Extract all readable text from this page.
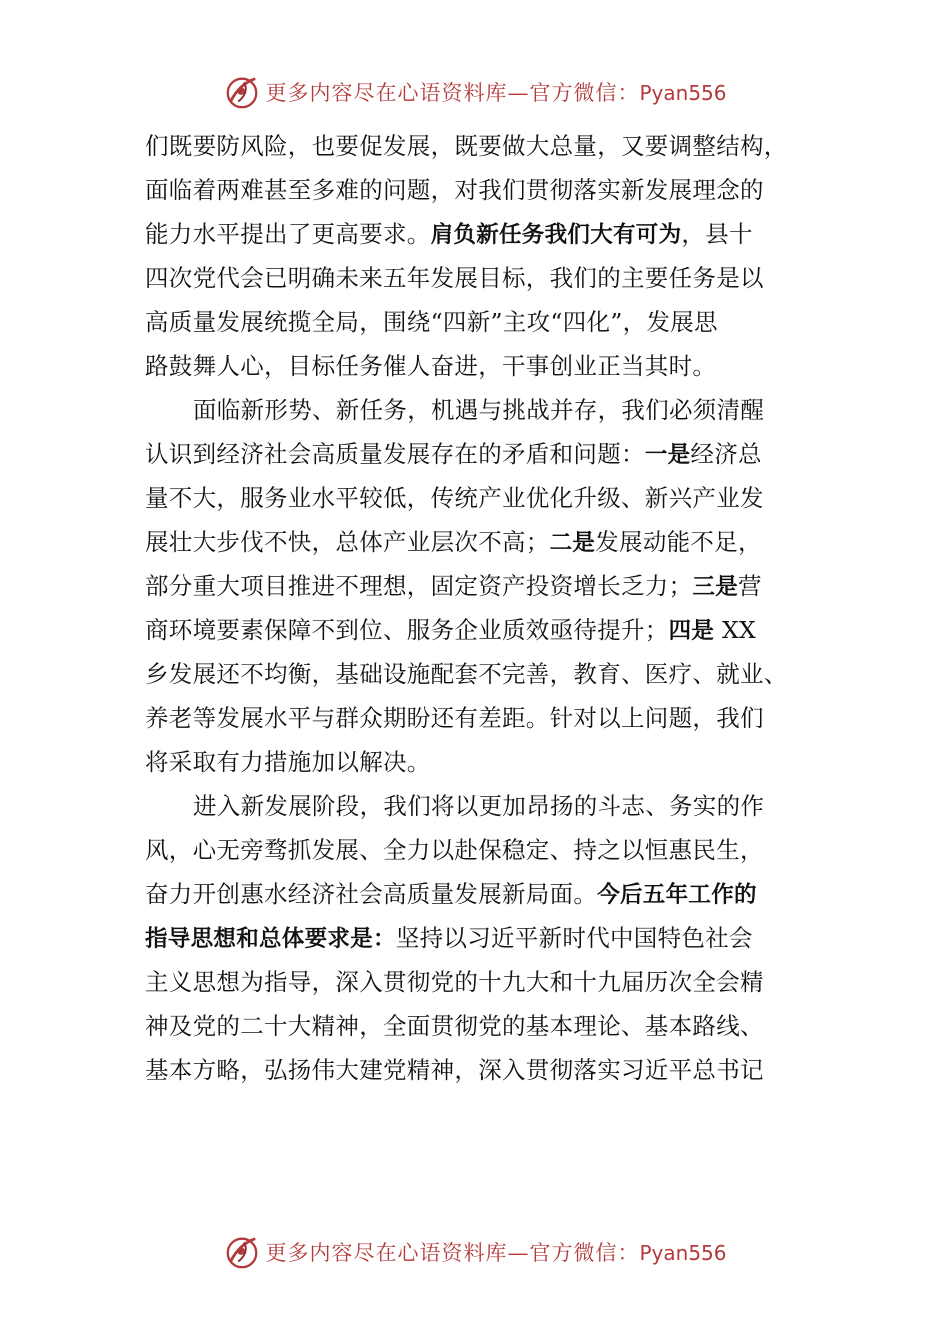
更多内容尽在心语资料库—官方微信：Pyan556
们既要防风险，也要促发展，既要做大总量，又要调整结构，
面临着两难甚至多难的问题，对我们贯彻落实新发展理念的
能力水平提出了更高要求。肩负新任务我们大有可为，县十
四次党代会已明确未来五年发展目标，我们的主要任务是以
高质量发展统揽全局，围绕“四新”主攻“四化”，发展思
路鼓舞人心，目标任务催人奋进，干事创业正当其时。
面临新形势、新任务，机遇与挑战并存，我们必须清醒
认识到经济社会高质量发展存在的矛盾和问题：一是经济总
量不大，服务业水平较低，传统产业优化升级、新兴产业发
展壮大步伐不快，总体产业层次不高；二是发展动能不足，
部分重大项目推进不理想，固定资产投资增长乏力；三是营
商环境要素保障不到位、服务企业质效亟待提升；四是 XX
乡发展还不均衡，基础设施配套不完善，教育、医疗、就业、
养老等发展水平与群众期盼还有差距。针对以上问题，我们
将采取有力措施加以解决。
进入新发展阶段，我们将以更加昂扬的斗志、务实的作
风，心无旁骛抓发展、全力以赴保稳定、持之以恒惠民生，
奋力开创惠水经济社会高质量发展新局面。今后五年工作的
指导思想和总体要求是：坚持以习近平新时代中国特色社会
主义思想为指导，深入贯彻党的十九大和十九届历次全会精
神及党的二十大精神，全面贯彻党的基本理论、基本路线、
基本方略，弘扬伟大建党精神，深入贯彻落实习近平总书记
更多内容尽在心语资料库—官方微信：Pyan556
